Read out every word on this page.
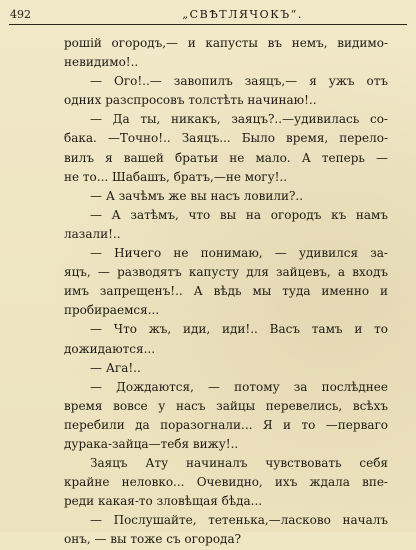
492	„СВѢТЛЯЧОКЪ“.
рошій огородъ,— и капусты въ немъ, видимо-
невидимо!..
— Ого!..— завопилъ заяцъ,— я ужъ отъ
одних разспросовъ толстѣть начинаю!..
— Да ты, никакъ, заяцъ?..—удивилась со-
бака. —Точно!.. Заяцъ... Было время, перело-
вилъ я вашей братьи не мало. А теперь —
не то... Шабашъ, братъ,—не могу!..
— А зачѣмъ же вы насъ ловили?..
— А затѣмъ, что вы на огородъ къ намъ
лазали!..
— Ничего не понимаю, — удивился за-
яцъ, — разводятъ капусту для зайцевъ, а входъ
имъ запрещенъ!.. А вѣдь мы туда именно и
пробираемся...
— Что жъ, иди, иди!.. Васъ тамъ и то
дожидаются...
— Ага!..
— Дождаются, — потому за послѣднее
время вовсе у насъ зайцы перевелись, всѣхъ
перебили да поразогнали... Я и то —перваго
дурака-зайца—тебя вижу!..
Заяцъ Ату начиналъ чувствовать себя
крайне неловко... Очевидно, ихъ ждала впе-
реди какая-то зловѣщая бѣда...
— Послушайте, тетенька,—ласково началъ
онъ, — вы тоже съ огорода?
